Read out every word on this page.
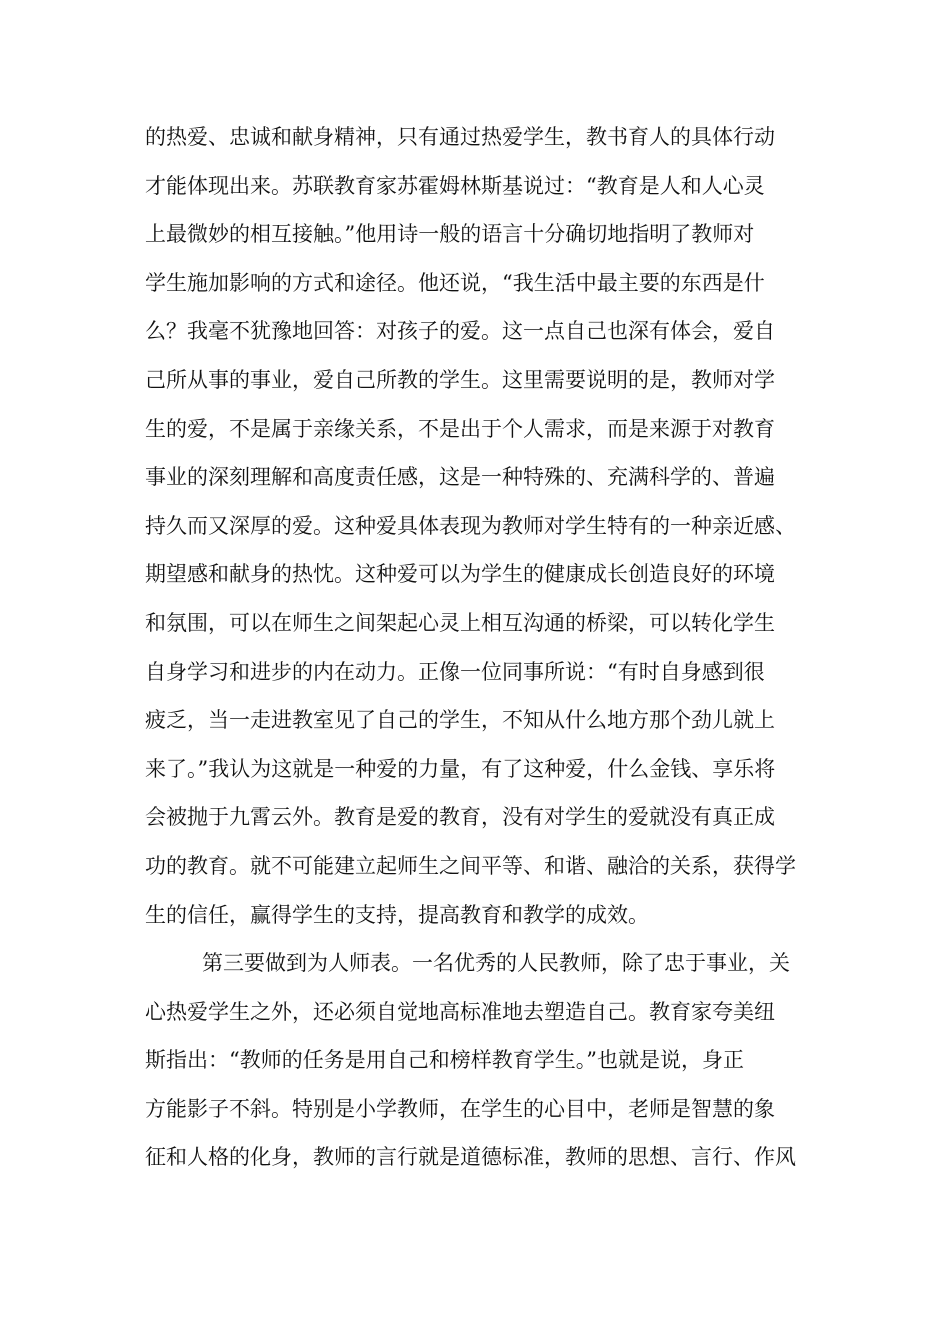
的热爱、忠诚和献身精神，只有通过热爱学生，教书育人的具体行动
才能体现出来。苏联教育家苏霍姆林斯基说过：“教育是人和人心灵
上最微妙的相互接触。”他用诗一般的语言十分确切地指明了教师对
学生施加影响的方式和途径。他还说，“我生活中最主要的东西是什
么？我毫不犹豫地回答：对孩子的爱。这一点自己也深有体会，爱自
己所从事的事业，爱自己所教的学生。这里需要说明的是，教师对学
生的爱，不是属于亲缘关系，不是出于个人需求，而是来源于对教育
事业的深刻理解和高度责任感，这是一种特殊的、充满科学的、普遍
持久而又深厚的爱。这种爱具体表现为教师对学生特有的一种亲近感、
期望感和献身的热忱。这种爱可以为学生的健康成长创造良好的环境
和氛围，可以在师生之间架起心灵上相互沟通的桥梁，可以转化学生
自身学习和进步的内在动力。正像一位同事所说：“有时自身感到很
疲乏，当一走进教室见了自己的学生，不知从什么地方那个劲儿就上
来了。”我认为这就是一种爱的力量，有了这种爱，什么金钱、享乐将
会被抛于九霄云外。教育是爱的教育，没有对学生的爱就没有真正成
功的教育。就不可能建立起师生之间平等、和谐、融洽的关系，获得学
生的信任，赢得学生的支持，提高教育和教学的成效。
第三要做到为人师表。一名优秀的人民教师，除了忠于事业，关
心热爱学生之外，还必须自觉地高标准地去塑造自己。教育家夸美纽
斯指出：“教师的任务是用自己和榜样教育学生。”也就是说，身正
方能影子不斜。特别是小学教师，在学生的心目中，老师是智慧的象
征和人格的化身，教师的言行就是道德标准，教师的思想、言行、作风
